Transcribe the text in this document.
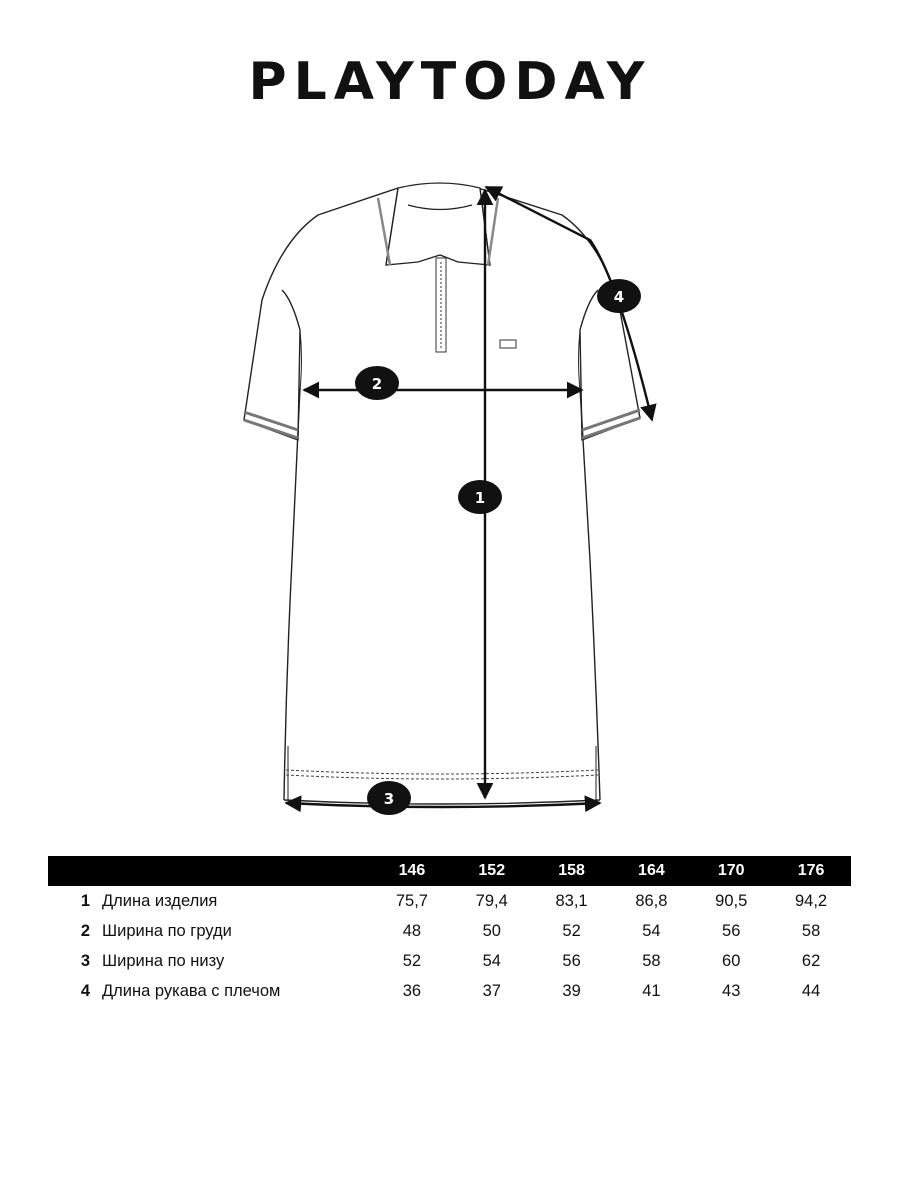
PLAYTODAY
1
2
3
4
		146	152	158	164	170	176
1	Длина изделия	75,7	79,4	83,1	86,8	90,5	94,2
2	Ширина по груди	48	50	52	54	56	58
3	Ширина по низу	52	54	56	58	60	62
4	Длина рукава с плечом	36	37	39	41	43	44
